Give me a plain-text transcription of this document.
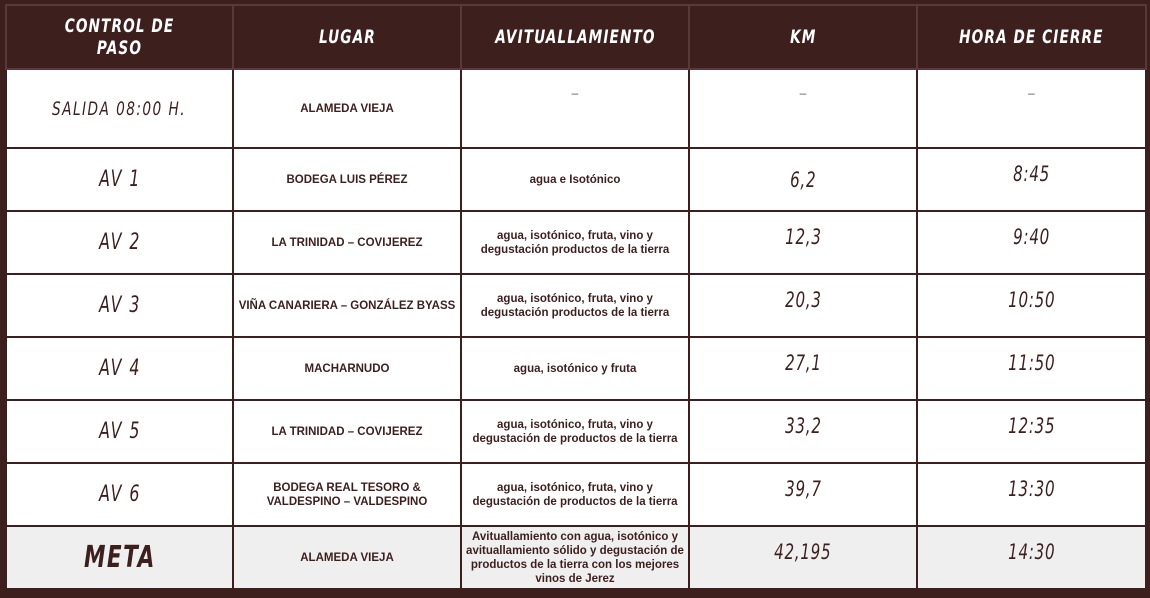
CONTROL DE PASO	LUGAR	AVITUALLAMIENTO	KM	HORA DE CIERRE
SALIDA 08:00 H.	ALAMEDA VIEJA	–	–	–
AV 1	BODEGA LUIS PÉREZ	agua e Isotónico	6,2	8:45
AV 2	LA TRINIDAD – COVIJEREZ	agua, isotónico, fruta, vino y degustación productos de la tierra	12,3	9:40
AV 3	VIÑA CANARIERA – GONZÁLEZ BYASS	agua, isotónico, fruta, vino y degustación productos de la tierra	20,3	10:50
AV 4	MACHARNUDO	agua, isotónico y fruta	27,1	11:50
AV 5	LA TRINIDAD – COVIJEREZ	agua, isotónico, fruta, vino y degustación de productos de la tierra	33,2	12:35
AV 6	BODEGA REAL TESORO & VALDESPINO – VALDESPINO	agua, isotónico, fruta, vino y degustación de productos de la tierra	39,7	13:30
META	ALAMEDA VIEJA	Avituallamiento con agua, isotónico y avituallamiento sólido y degustación de productos de la tierra con los mejores vinos de Jerez	42,195	14:30
